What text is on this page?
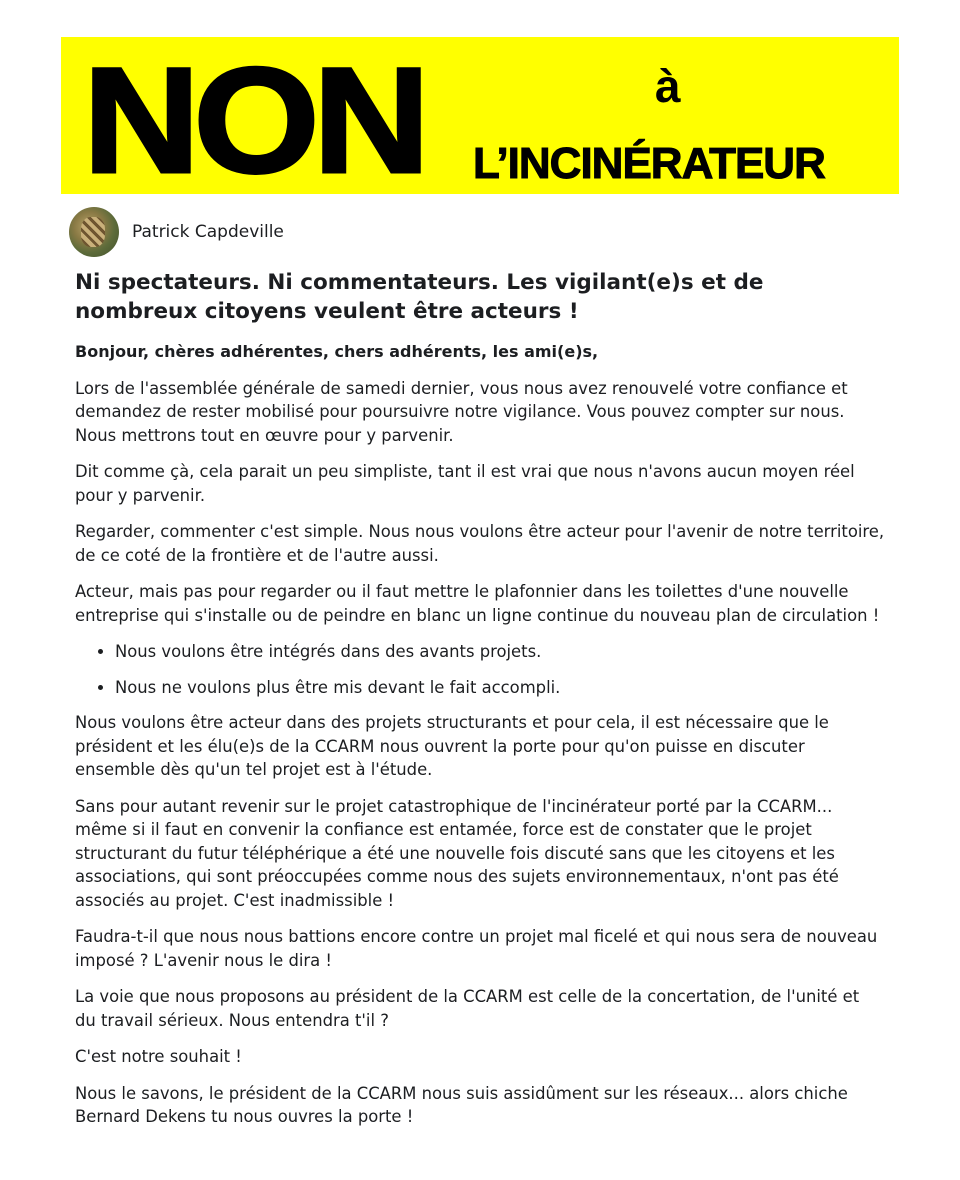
NON	à
L’INCINÉRATEUR
Patrick Capdeville
Ni spectateurs. Ni commentateurs. Les vigilant(e)s et de nombreux citoyens veulent être acteurs !
Bonjour, chères adhérentes, chers adhérents, les ami(e)s,
Lors de l'assemblée générale de samedi dernier, vous nous avez renouvelé votre confiance et demandez de rester mobilisé pour poursuivre notre vigilance. Vous pouvez compter sur nous. Nous mettrons tout en œuvre pour y parvenir.
Dit comme çà, cela parait un peu simpliste, tant il est vrai que nous n'avons aucun moyen réel pour y parvenir.
Regarder, commenter c'est simple. Nous nous voulons être acteur pour l'avenir de notre territoire, de ce coté de la frontière et de l'autre aussi.
Acteur, mais pas pour regarder ou il faut mettre le plafonnier dans les toilettes d'une nouvelle entreprise qui s'installe ou de peindre en blanc un ligne continue du nouveau plan de circulation !
• Nous voulons être intégrés dans des avants projets.
• Nous ne voulons plus être mis devant le fait accompli.
Nous voulons être acteur dans des projets structurants et pour cela, il est nécessaire que le président et les élu(e)s de la CCARM nous ouvrent la porte pour qu'on puisse en discuter ensemble dès qu'un tel projet est à l'étude.
Sans pour autant revenir sur le projet catastrophique de l'incinérateur porté par la CCARM... même si il faut en convenir la confiance est entamée, force est de constater que le projet structurant du futur téléphérique a été une nouvelle fois discuté sans que les citoyens et les associations, qui sont préoccupées comme nous des sujets environnementaux, n'ont pas été associés au projet. C'est inadmissible !
Faudra-t-il que nous nous battions encore contre un projet mal ficelé et qui nous sera de nouveau imposé ? L'avenir nous le dira !
La voie que nous proposons au président de la CCARM est celle de la concertation, de l'unité et du travail sérieux. Nous entendra t'il ?
C'est notre souhait !
Nous le savons, le président de la CCARM nous suis assidûment sur les réseaux... alors chiche Bernard Dekens tu nous ouvres la porte !
